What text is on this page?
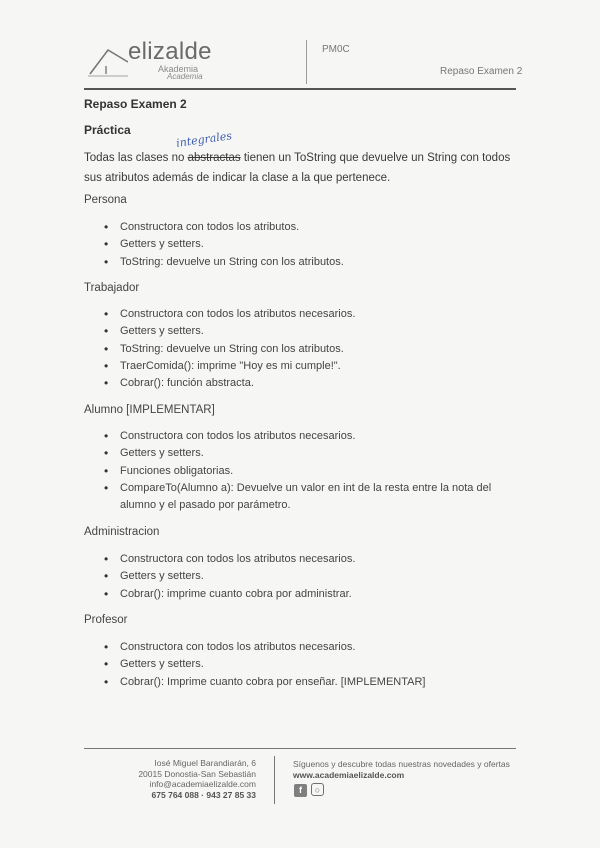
elizalde
Akademia
Academia
PM0C
Repaso Examen 2
Repaso Examen 2
Práctica	integrales
Todas las clases no abstractas tienen un ToString que devuelve un String con todos sus atributos además de indicar la clase a la que pertenece.
Persona
• Constructora con todos los atributos.
• Getters y setters.
• ToString: devuelve un String con los atributos.
Trabajador
• Constructora con todos los atributos necesarios.
• Getters y setters.
• ToString: devuelve un String con los atributos.
• TraerComida(): imprime "Hoy es mi cumple!".
• Cobrar(): función abstracta.
Alumno [IMPLEMENTAR]
• Constructora con todos los atributos necesarios.
• Getters y setters.
• Funciones obligatorias.
• CompareTo(Alumno a): Devuelve un valor en int de la resta entre la nota del alumno y el pasado por parámetro.
Administracion
• Constructora con todos los atributos necesarios.
• Getters y setters.
• Cobrar(): imprime cuanto cobra por administrar.
Profesor
• Constructora con todos los atributos necesarios.
• Getters y setters.
• Cobrar(): Imprime cuanto cobra por enseñar. [IMPLEMENTAR]
Iosé Miguel Barandiarán, 6
20015 Donostia-San Sebastián
info@academiaelizalde.com
675 764 088 · 943 27 85 33
Síguenos y descubre todas nuestras novedades y ofertas
www.academiaelizalde.com
f ○
